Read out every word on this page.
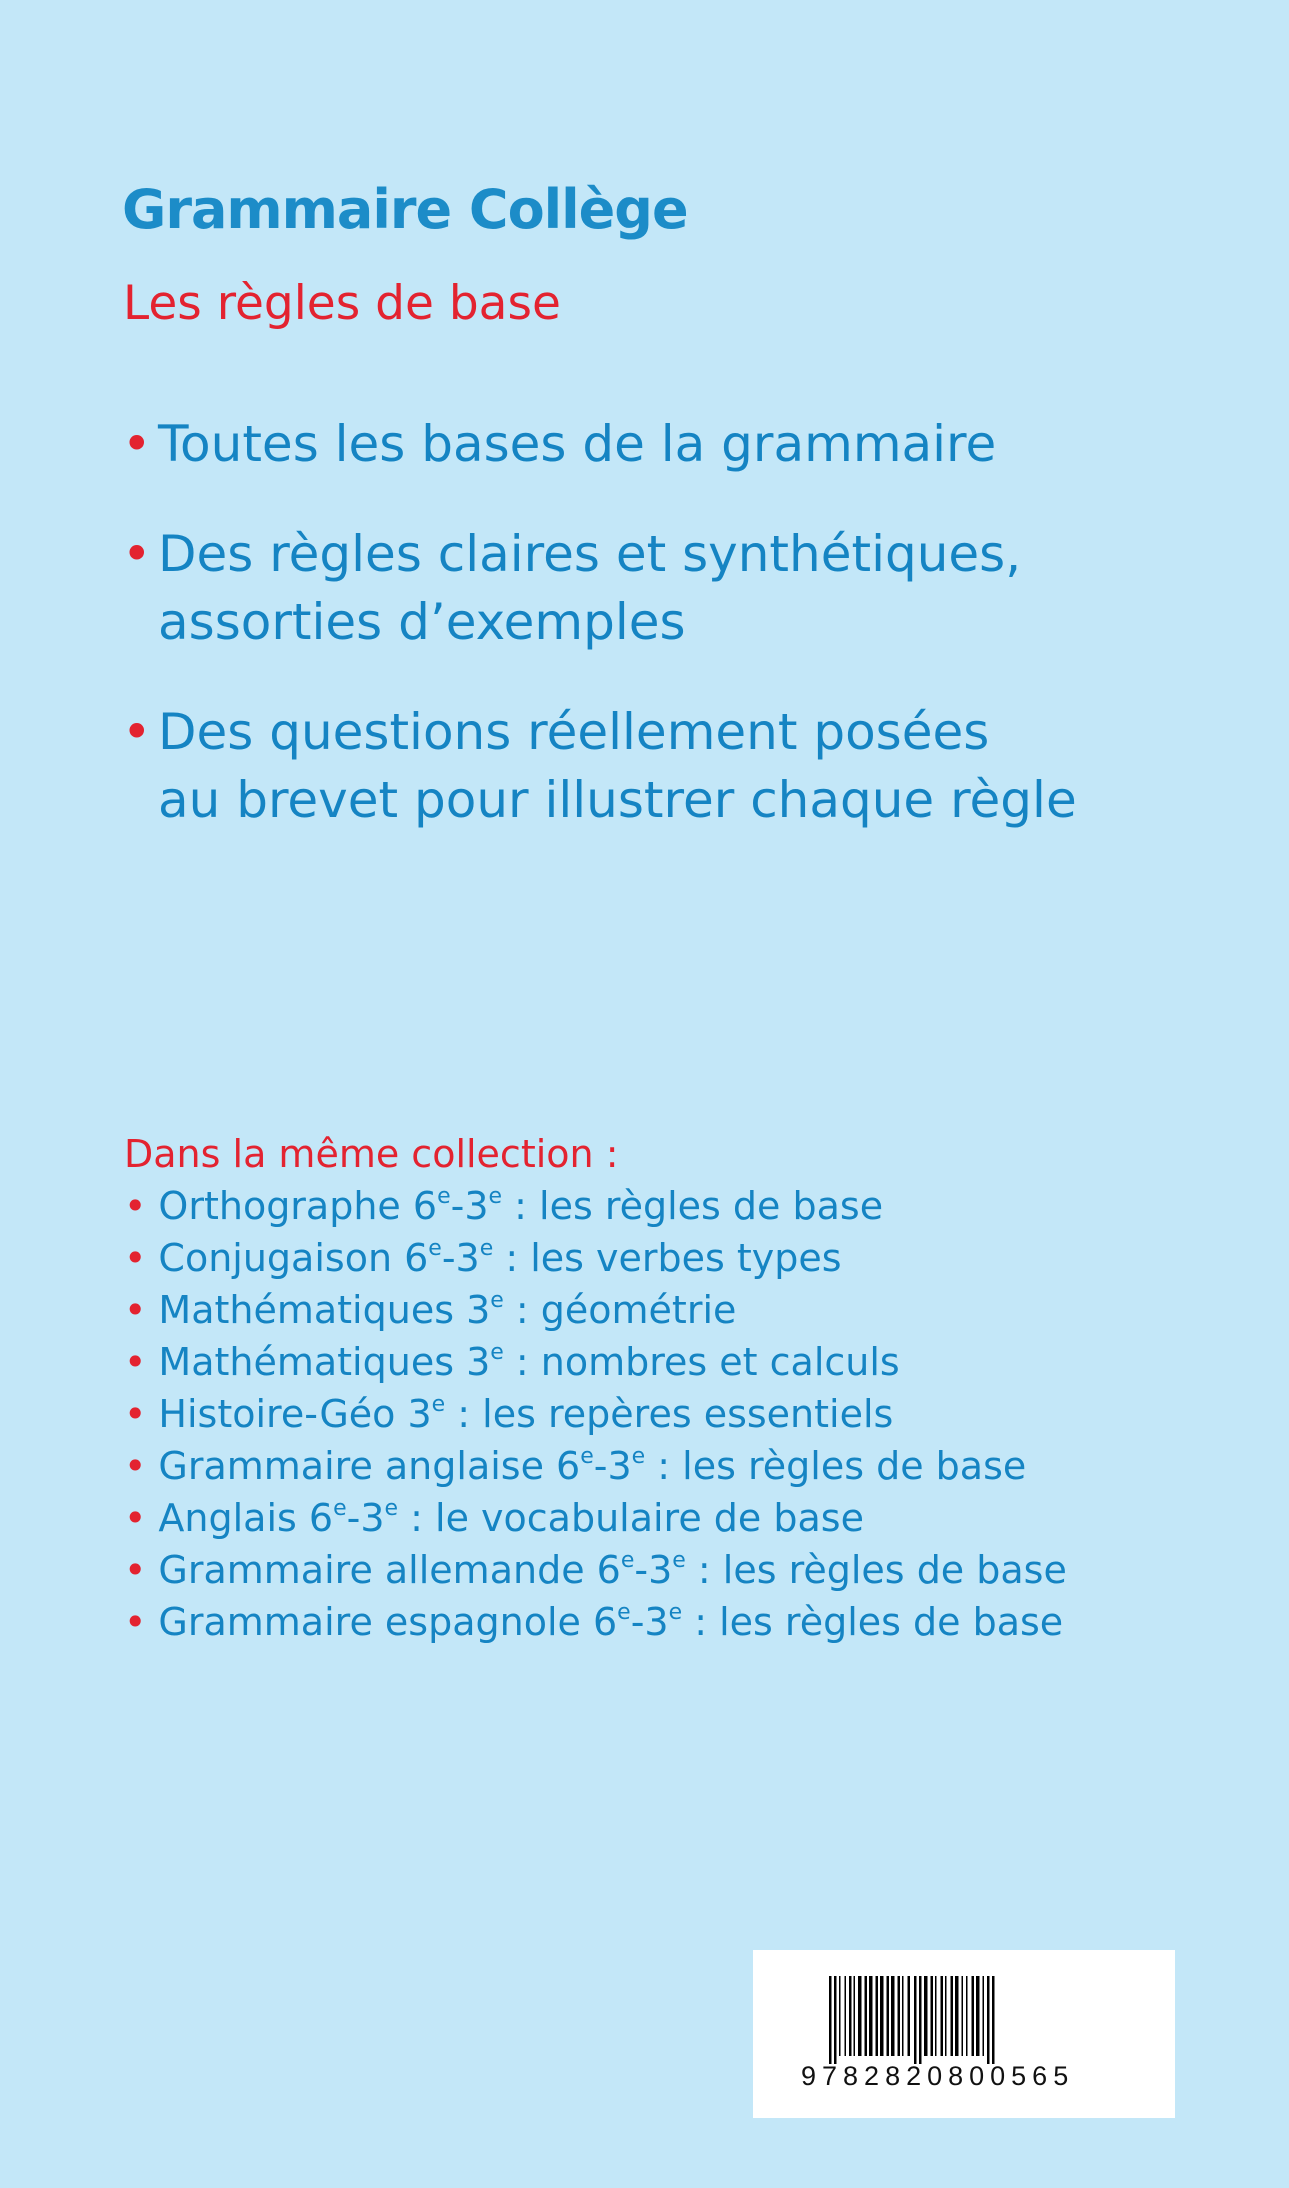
Grammaire Collège
Les règles de base
• Toutes les bases de la grammaire
• Des règles claires et synthétiques,
assorties d’exemples
• Des questions réellement posées
au brevet pour illustrer chaque règle
Dans la même collection :
• Orthographe 6e-3e : les règles de base
• Conjugaison 6e-3e : les verbes types
• Mathématiques 3e : géométrie
• Mathématiques 3e : nombres et calculs
• Histoire-Géo 3e : les repères essentiels
• Grammaire anglaise 6e-3e : les règles de base
• Anglais 6e-3e : le vocabulaire de base
• Grammaire allemande 6e-3e : les règles de base
• Grammaire espagnole 6e-3e : les règles de base
9782820800565
